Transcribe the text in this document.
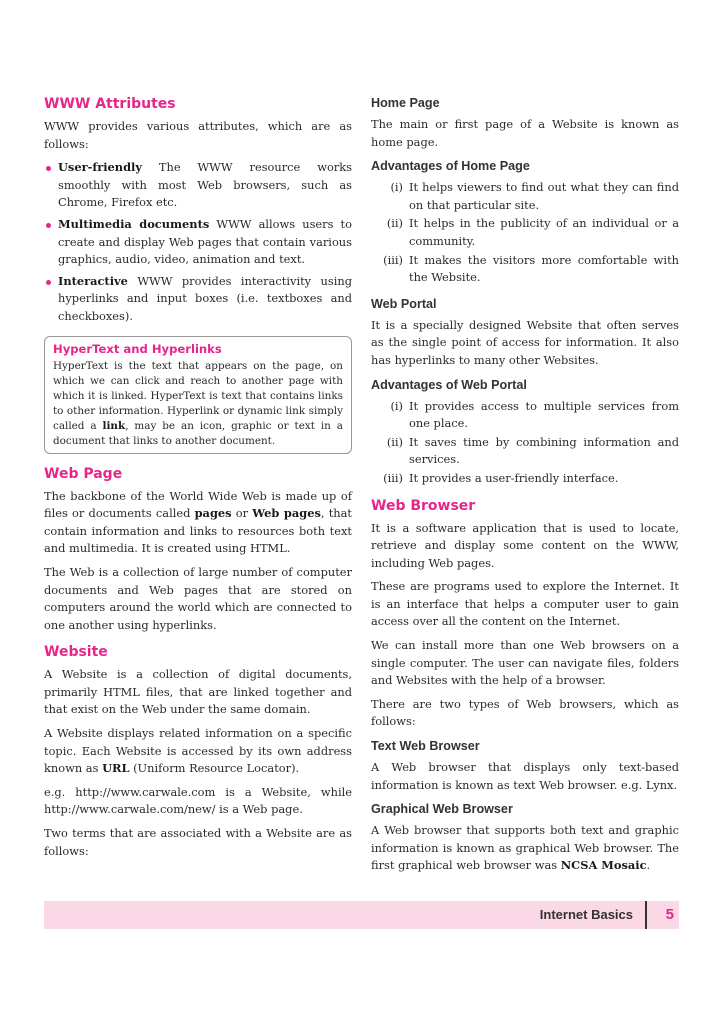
WWW Attributes

WWW provides various attributes, which are as follows:

User-friendly The WWW resource works smoothly with most Web browsers, such as Chrome, Firefox etc.
Multimedia documents WWW allows users to create and display Web pages that contain various graphics, audio, video, animation and text.
Interactive WWW provides interactivity using hyperlinks and input boxes (i.e. textboxes and checkboxes).
HyperText and Hyperlinks

HyperText is the text that appears on the page, on which we can click and reach to another page with which it is linked. HyperText is text that contains links to other information. Hyperlink or dynamic link simply called a link, may be an icon, graphic or text in a document that links to another document.

Web Page

The backbone of the World Wide Web is made up of files or documents called pages or Web pages, that contain information and links to resources both text and multimedia. It is created using HTML.

The Web is a collection of large number of computer documents and Web pages that are stored on computers around the world which are connected to one another using hyperlinks.

Website

A Website is a collection of digital documents, primarily HTML files, that are linked together and that exist on the Web under the same domain.

A Website displays related information on a specific topic. Each Website is accessed by its own address known as URL (Uniform Resource Locator).

e.g. http://www.carwale.com is a Website, while http://www.carwale.com/new/ is a Web page.

Two terms that are associated with a Website are as follows:

Home Page

The main or first page of a Website is known as home page.

Advantages of Home Page
(i) It helps viewers to find out what they can find on that particular site.
(ii) It helps in the publicity of an individual or a community.
(iii) It makes the visitors more comfortable with the Website.
Web Portal

It is a specially designed Website that often serves as the single point of access for information. It also has hyperlinks to many other Websites.

Advantages of Web Portal
(i) It provides access to multiple services from one place.
(ii) It saves time by combining information and services.
(iii) It provides a user-friendly interface.
Web Browser

It is a software application that is used to locate, retrieve and display some content on the WWW, including Web pages.

These are programs used to explore the Internet. It is an interface that helps a computer user to gain access over all the content on the Internet.

We can install more than one Web browsers on a single computer. The user can navigate files, folders and Websites with the help of a browser.

There are two types of Web browsers, which as follows:

Text Web Browser

A Web browser that displays only text-based information is known as text Web browser. e.g. Lynx.

Graphical Web Browser

A Web browser that supports both text and graphic information is known as graphical Web browser. The first graphical web browser was NCSA Mosaic.

Internet Basics 5
